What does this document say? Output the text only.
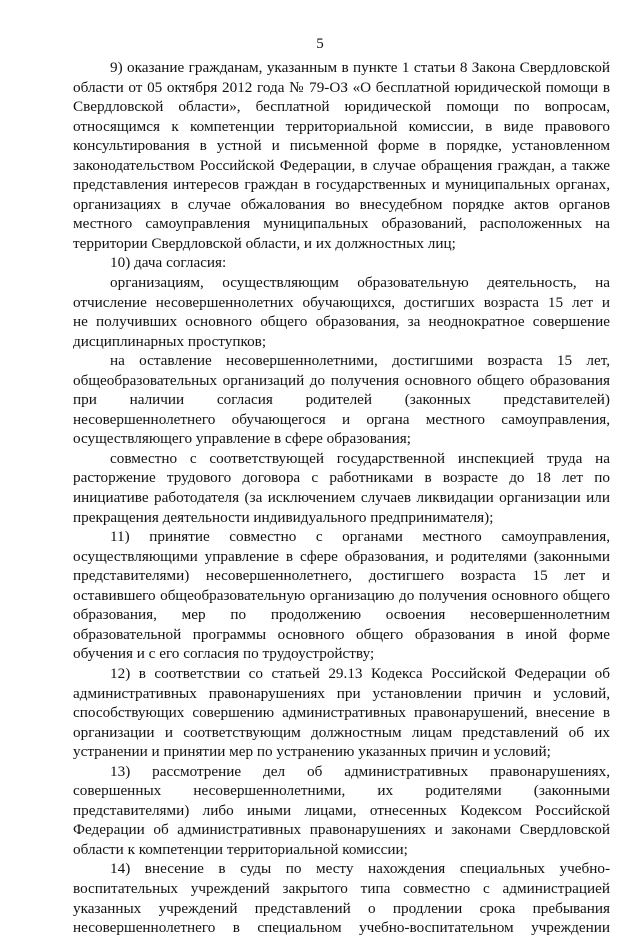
5
9) оказание гражданам, указанным в пункте 1 статьи 8 Закона Свердловской
области от 05 октября 2012 года № 79-ОЗ «О бесплатной юридической помощи в
Свердловской области», бесплатной юридической помощи по вопросам,
относящимся к компетенции территориальной комиссии, в виде правового
консультирования в устной и письменной форме в порядке, установленном
законодательством Российской Федерации, в случае обращения граждан, а также
представления интересов граждан в государственных и муниципальных органах,
организациях в случае обжалования во внесудебном порядке актов органов
местного самоуправления муниципальных образований, расположенных на
территории Свердловской области, и их должностных лиц;
10) дача согласия:
организациям, осуществляющим образовательную деятельность, на
отчисление несовершеннолетних обучающихся, достигших возраста 15 лет и
не получивших основного общего образования, за неоднократное совершение
дисциплинарных проступков;
на оставление несовершеннолетними, достигшими возраста 15 лет,
общеобразовательных организаций до получения основного общего образования
при наличии согласия родителей (законных представителей)
несовершеннолетнего обучающегося и органа местного самоуправления,
осуществляющего управление в сфере образования;
совместно с соответствующей государственной инспекцией труда на
расторжение трудового договора с работниками в возрасте до 18 лет по
инициативе работодателя (за исключением случаев ликвидации организации или
прекращения деятельности индивидуального предпринимателя);
11) принятие совместно с органами местного самоуправления,
осуществляющими управление в сфере образования, и родителями (законными
представителями) несовершеннолетнего, достигшего возраста 15 лет и
оставившего общеобразовательную организацию до получения основного общего
образования, мер по продолжению освоения несовершеннолетним
образовательной программы основного общего образования в иной форме
обучения и с его согласия по трудоустройству;
12) в соответствии со статьей 29.13 Кодекса Российской Федерации об
административных правонарушениях при установлении причин и условий,
способствующих совершению административных правонарушений, внесение в
организации и соответствующим должностным лицам представлений об их
устранении и принятии мер по устранению указанных причин и условий;
13) рассмотрение дел об административных правонарушениях,
совершенных несовершеннолетними, их родителями (законными
представителями) либо иными лицами, отнесенных Кодексом Российской
Федерации об административных правонарушениях и законами Свердловской
области к компетенции территориальной комиссии;
14) внесение в суды по месту нахождения специальных учебно-
воспитательных учреждений закрытого типа совместно с администрацией
указанных учреждений представлений о продлении срока пребывания
несовершеннолетнего в специальном учебно-воспитательном учреждении
